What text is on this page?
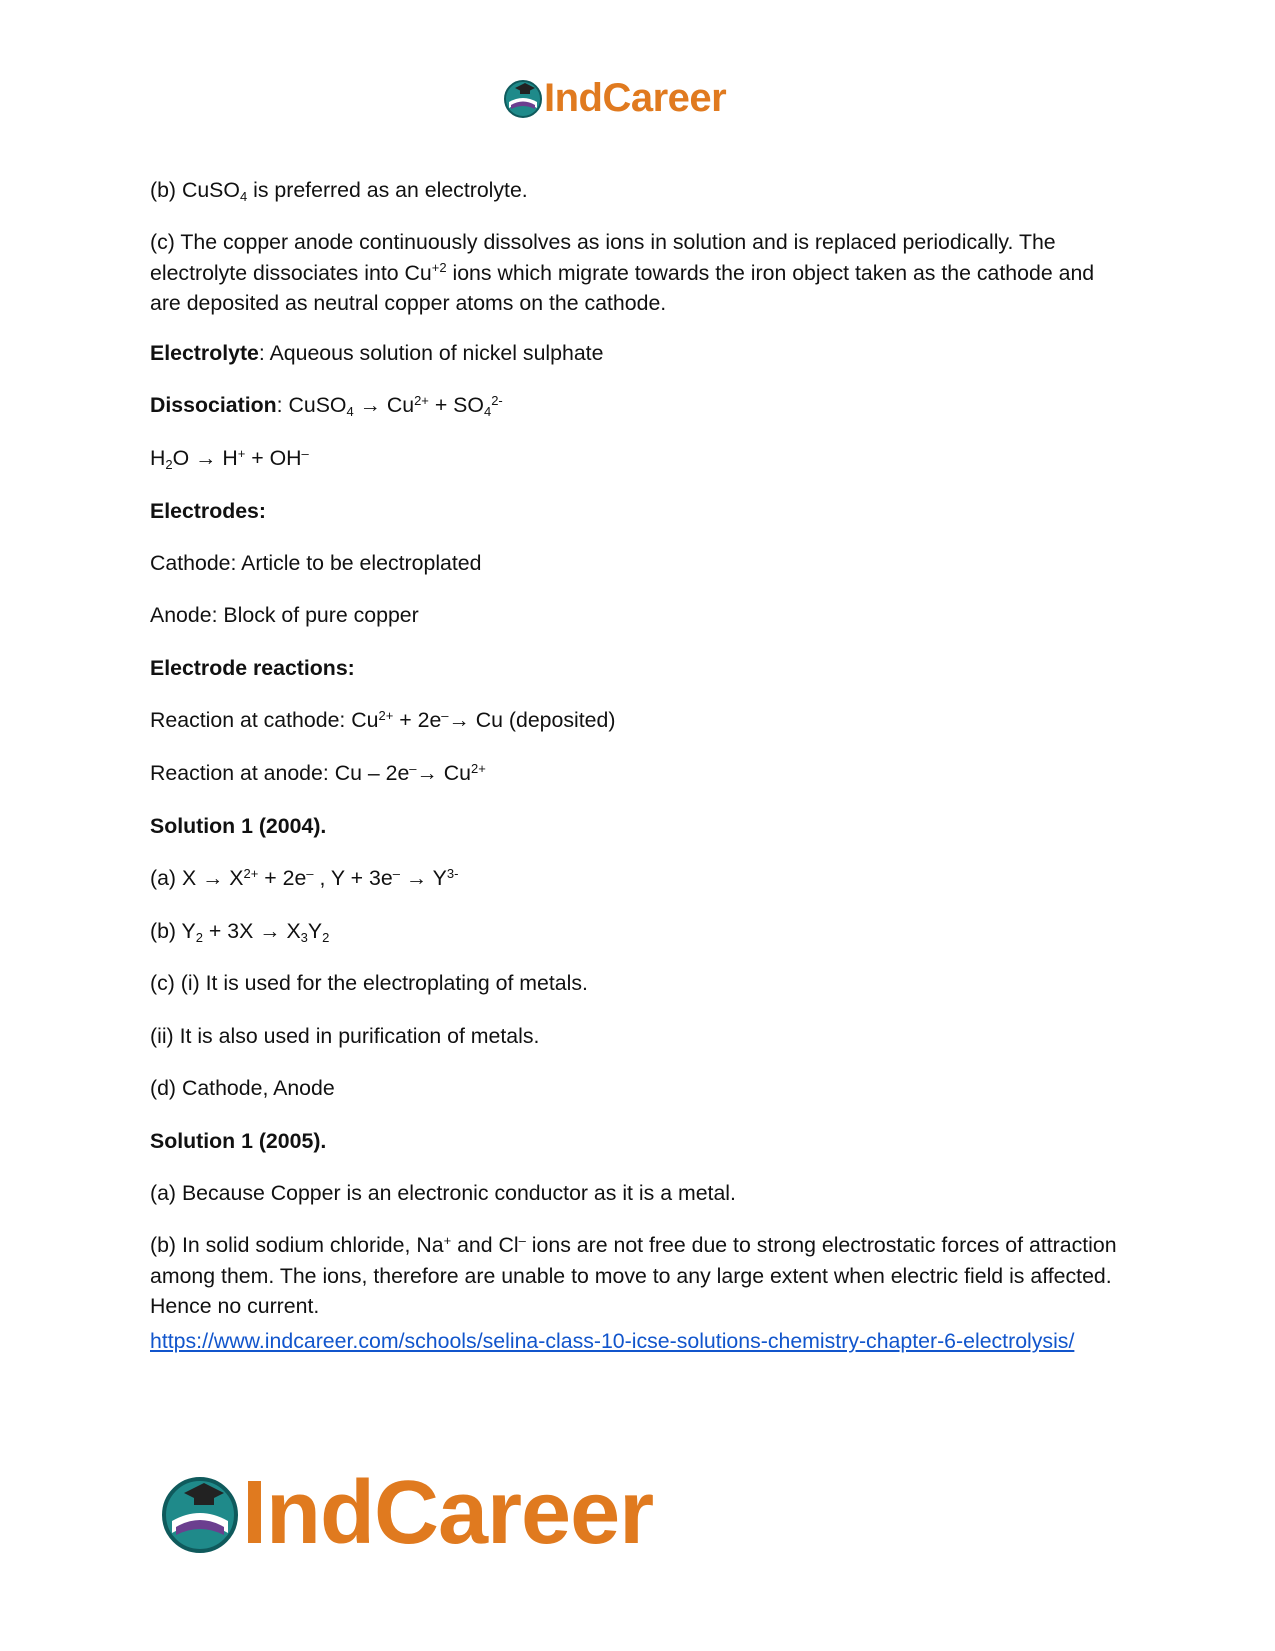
IndCareer

(b) CuSO$_4$ is preferred as an electrolyte.

(c) The copper anode continuously dissolves as ions in solution and is replaced periodically. The electrolyte dissociates into $Cu^{+2}$ ions which migrate towards the iron object taken as the cathode and are deposited as neutral copper atoms on the cathode.

Electrolyte: Aqueous solution of nickel sulphate

Dissociation: CuSO$_4$ → $Cu^{2+} + SO_4^{2-}$

$H_2O \to H^+ + OH^-$

Electrodes:

Cathode: Article to be electroplated

Anode: Block of pure copper

Electrode reactions:

Reaction at cathode: $Cu^{2+} + 2e^-\to Cu$ (deposited)

Reaction at anode: $Cu - 2e^-\to Cu^{2+}$

Solution 1 (2004).

(a) $X \to X^{2+} + 2e^-$ , $Y + 3e^- \to Y^{3-}$

(b) $Y_2 + 3X \to X_3Y_2$

(c) (i) It is used for the electroplating of metals.

(ii) It is also used in purification of metals.

(d) Cathode, Anode

Solution 1 (2005).

(a) Because Copper is an electronic conductor as it is a metal.

(b) In solid sodium chloride, Na+ and Cl– ions are not free due to strong electrostatic forces of attraction among them. The ions, therefore are unable to move to any large extent when electric field is affected. Hence no current.

https://www.indcareer.com/schools/selina-class-10-icse-solutions-chemistry-chapter-6-electrolysis/
IndCareer
